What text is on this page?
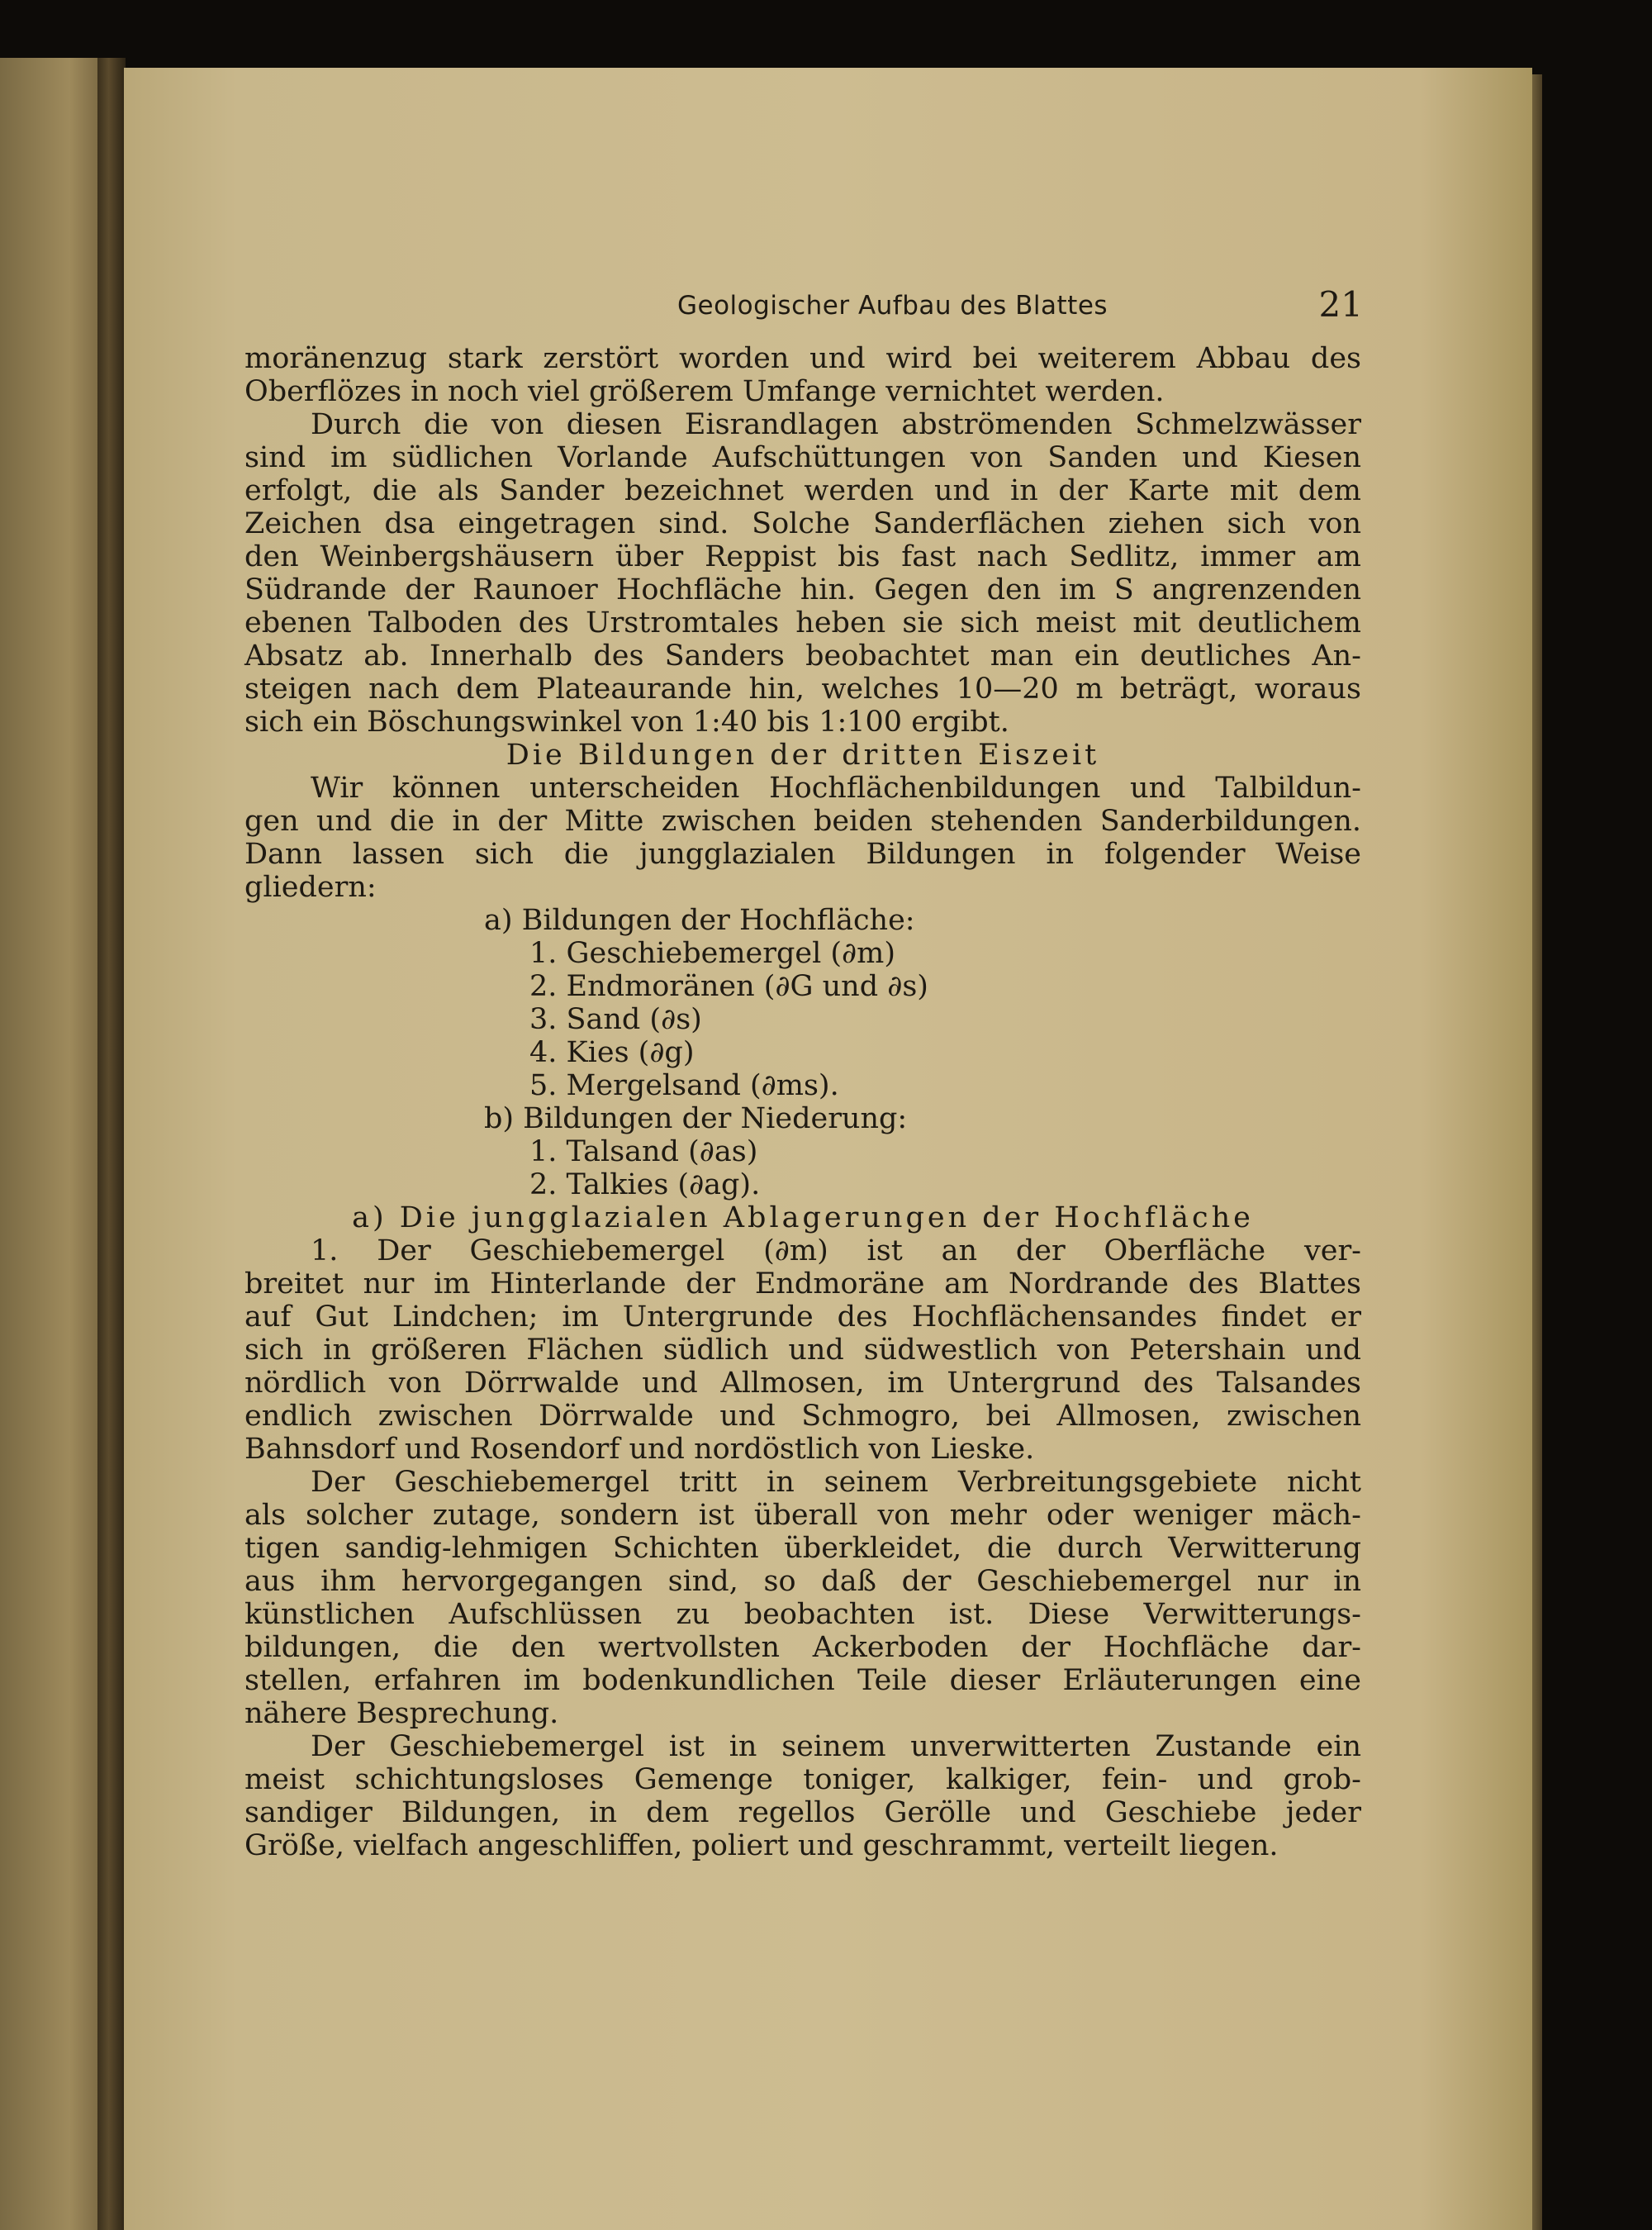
Geologischer Aufbau des Blattes	21
moränenzug stark zerstört worden und wird bei weiterem Abbau des
Oberflözes in noch viel größerem Umfange vernichtet werden.
Durch die von diesen Eisrandlagen abströmenden Schmelzwässer
sind im südlichen Vorlande Aufschüttungen von Sanden und Kiesen
erfolgt, die als Sander bezeichnet werden und in der Karte mit dem
Zeichen dsa eingetragen sind. Solche Sanderflächen ziehen sich von
den Weinbergshäusern über Reppist bis fast nach Sedlitz, immer am
Südrande der Raunoer Hochfläche hin. Gegen den im S angrenzenden
ebenen Talboden des Urstromtales heben sie sich meist mit deutlichem
Absatz ab. Innerhalb des Sanders beobachtet man ein deutliches An-
steigen nach dem Plateaurande hin, welches 10—20 m beträgt, woraus
sich ein Böschungswinkel von 1:40 bis 1:100 ergibt.
Die Bildungen der dritten Eiszeit
Wir können unterscheiden Hochflächenbildungen und Talbildun-
gen und die in der Mitte zwischen beiden stehenden Sanderbildungen.
Dann lassen sich die jungglazialen Bildungen in folgender Weise
gliedern:
a) Bildungen der Hochfläche:
1. Geschiebemergel (∂m)
2. Endmoränen (∂G und ∂s)
3. Sand (∂s)
4. Kies (∂g)
5. Mergelsand (∂ms).
b) Bildungen der Niederung:
1. Talsand (∂as)
2. Talkies (∂ag).
a) Die jungglazialen Ablagerungen der Hochfläche
1. Der Geschiebemergel (∂m) ist an der Oberfläche ver-
breitet nur im Hinterlande der Endmoräne am Nordrande des Blattes
auf Gut Lindchen; im Untergrunde des Hochflächensandes findet er
sich in größeren Flächen südlich und südwestlich von Petershain und
nördlich von Dörrwalde und Allmosen, im Untergrund des Talsandes
endlich zwischen Dörrwalde und Schmogro, bei Allmosen, zwischen
Bahnsdorf und Rosendorf und nordöstlich von Lieske.
Der Geschiebemergel tritt in seinem Verbreitungsgebiete nicht
als solcher zutage, sondern ist überall von mehr oder weniger mäch-
tigen sandig-lehmigen Schichten überkleidet, die durch Verwitterung
aus ihm hervorgegangen sind, so daß der Geschiebemergel nur in
künstlichen Aufschlüssen zu beobachten ist. Diese Verwitterungs-
bildungen, die den wertvollsten Ackerboden der Hochfläche dar-
stellen, erfahren im bodenkundlichen Teile dieser Erläuterungen eine
nähere Besprechung.
Der Geschiebemergel ist in seinem unverwitterten Zustande ein
meist schichtungsloses Gemenge toniger, kalkiger, fein- und grob-
sandiger Bildungen, in dem regellos Gerölle und Geschiebe jeder
Größe, vielfach angeschliffen, poliert und geschrammt, verteilt liegen.
